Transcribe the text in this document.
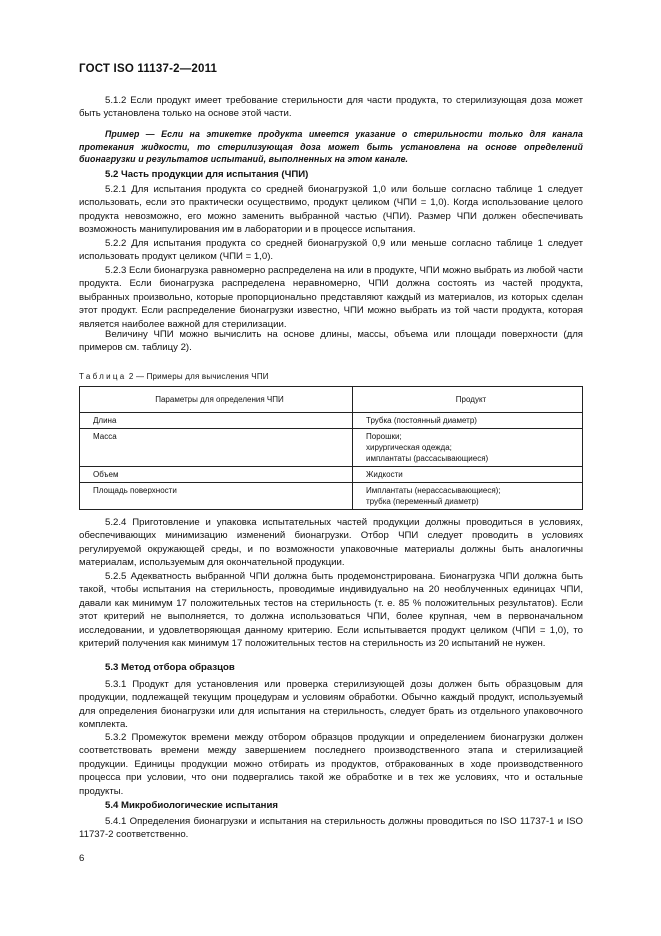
ГОСТ ISO 11137-2—2011
5.1.2 Если продукт имеет требование стерильности для части продукта, то стерилизующая доза может быть установлена только на основе этой части.
Пример — Если на этикетке продукта имеется указание о стерильности только для канала протекания жидкости, то стерилизующая доза может быть установлена на основе определений бионагрузки и результатов испытаний, выполненных на этом канале.
5.2 Часть продукции для испытания (ЧПИ)
5.2.1 Для испытания продукта со средней бионагрузкой 1,0 или больше согласно таблице 1 следует использовать, если это практически осуществимо, продукт целиком (ЧПИ = 1,0). Когда использование целого продукта невозможно, его можно заменить выбранной частью (ЧПИ). Размер ЧПИ должен обеспечивать возможность манипулирования им в лаборатории и в процессе испытания.
5.2.2 Для испытания продукта со средней бионагрузкой 0,9 или меньше согласно таблице 1 следует использовать продукт целиком (ЧПИ = 1,0).
5.2.3 Если бионагрузка равномерно распределена на или в продукте, ЧПИ можно выбрать из любой части продукта. Если бионагрузка распределена неравномерно, ЧПИ должна состоять из частей продукта, выбранных произвольно, которые пропорционально представляют каждый из материалов, из которых сделан этот продукт. Если распределение бионагрузки известно, ЧПИ можно выбрать из той части продукта, которая является наиболее важной для стерилизации.
Величину ЧПИ можно вычислить на основе длины, массы, объема или площади поверхности (для примеров см. таблицу 2).
Таблица 2 — Примеры для вычисления ЧПИ
Параметры для определения ЧПИ	Продукт
Длина	Трубка (постоянный диаметр)

Масса	Порошки;
хирургическая одежда;
имплантаты (рассасывающиеся)

Объем	Жидкости

Площадь поверхности	Имплантаты (нерассасывающиеся);
трубка (переменный диаметр)
5.2.4 Приготовление и упаковка испытательных частей продукции должны проводиться в условиях, обеспечивающих минимизацию изменений бионагрузки. Отбор ЧПИ следует проводить в условиях регулируемой окружающей среды, и по возможности упаковочные материалы должны быть аналогичны материалам, используемым для окончательной продукции.
5.2.5 Адекватность выбранной ЧПИ должна быть продемонстрирована. Бионагрузка ЧПИ должна быть такой, чтобы испытания на стерильность, проводимые индивидуально на 20 необлученных единицах ЧПИ, давали как минимум 17 положительных тестов на стерильность (т. е. 85 % положительных результатов). Если этот критерий не выполняется, то должна использоваться ЧПИ, более крупная, чем в первоначальном исследовании, и удовлетворяющая данному критерию. Если испытывается продукт целиком (ЧПИ = 1,0), то критерий получения как минимум 17 положительных тестов на стерильность из 20 испытаний не нужен.
5.3 Метод отбора образцов
5.3.1 Продукт для установления или проверка стерилизующей дозы должен быть образцовым для продукции, подлежащей текущим процедурам и условиям обработки. Обычно каждый продукт, используемый для определения бионагрузки или для испытания на стерильность, следует брать из отдельного упаковочного комплекта.
5.3.2 Промежуток времени между отбором образцов продукции и определением бионагрузки должен соответствовать времени между завершением последнего производственного этапа и стерилизацией продукции. Единицы продукции можно отбирать из продуктов, отбракованных в ходе производственного процесса при условии, что они подвергались такой же обработке и в тех же условиях, что и остальные продукты.
5.4 Микробиологические испытания
5.4.1 Определения бионагрузки и испытания на стерильность должны проводиться по ISO 11737-1 и ISO 11737-2 соответственно.
6
